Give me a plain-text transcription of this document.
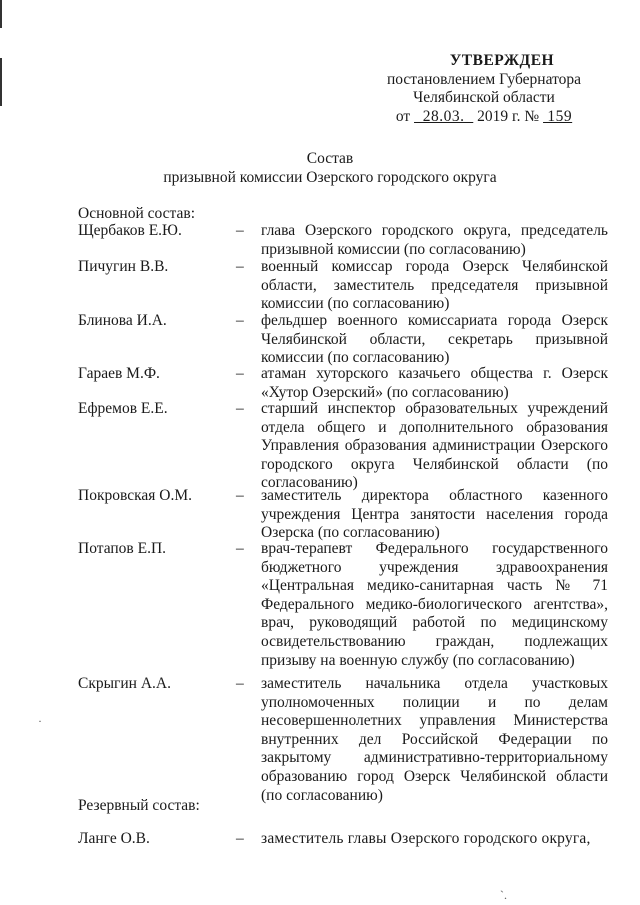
УТВЕРЖДЕН
постановлением Губернатора
Челябинской области
от   28.03.   2019 г. №  159
Состав
призывной комиссии Озерского городского округа
Основной состав:
Щербаков Е.Ю.	– глава Озерского городского округа, председатель призывной комиссии (по согласованию)
Пичугин В.В.	– военный комиссар города Озерск Челябинской области, заместитель председателя призывной комиссии (по согласованию)
Блинова И.А.	– фельдшер военного комиссариата города Озерск Челябинской области, секретарь призывной комиссии (по согласованию)
Гараев М.Ф.	– атаман хуторского казачьего общества г. Озерск «Хутор Озерский» (по согласованию)
Ефремов Е.Е.	– старший инспектор образовательных учреждений отдела общего и дополнительного образования Управления образования администрации Озерского городского округа Челябинской области (по согласованию)
Покровская О.М.	– заместитель директора областного казенного учреждения Центра занятости населения города Озерска (по согласованию)
Потапов Е.П.	– врач-терапевт Федерального государственного бюджетного учреждения здравоохранения «Центральная медико-санитарная часть № 71 Федерального медико-биологического агентства», врач, руководящий работой по медицинскому освидетельствованию граждан, подлежащих призыву на военную службу (по согласованию)
Скрыгин А.А.	– заместитель начальника отдела участковых уполномоченных полиции и по делам несовершеннолетних управления Министерства внутренних дел Российской Федерации по закрытому административно-территориальному образованию город Озерск Челябинской области (по согласованию)
Резервный состав:
Ланге О.В.	– заместитель главы Озерского городского округа,
·
`.
